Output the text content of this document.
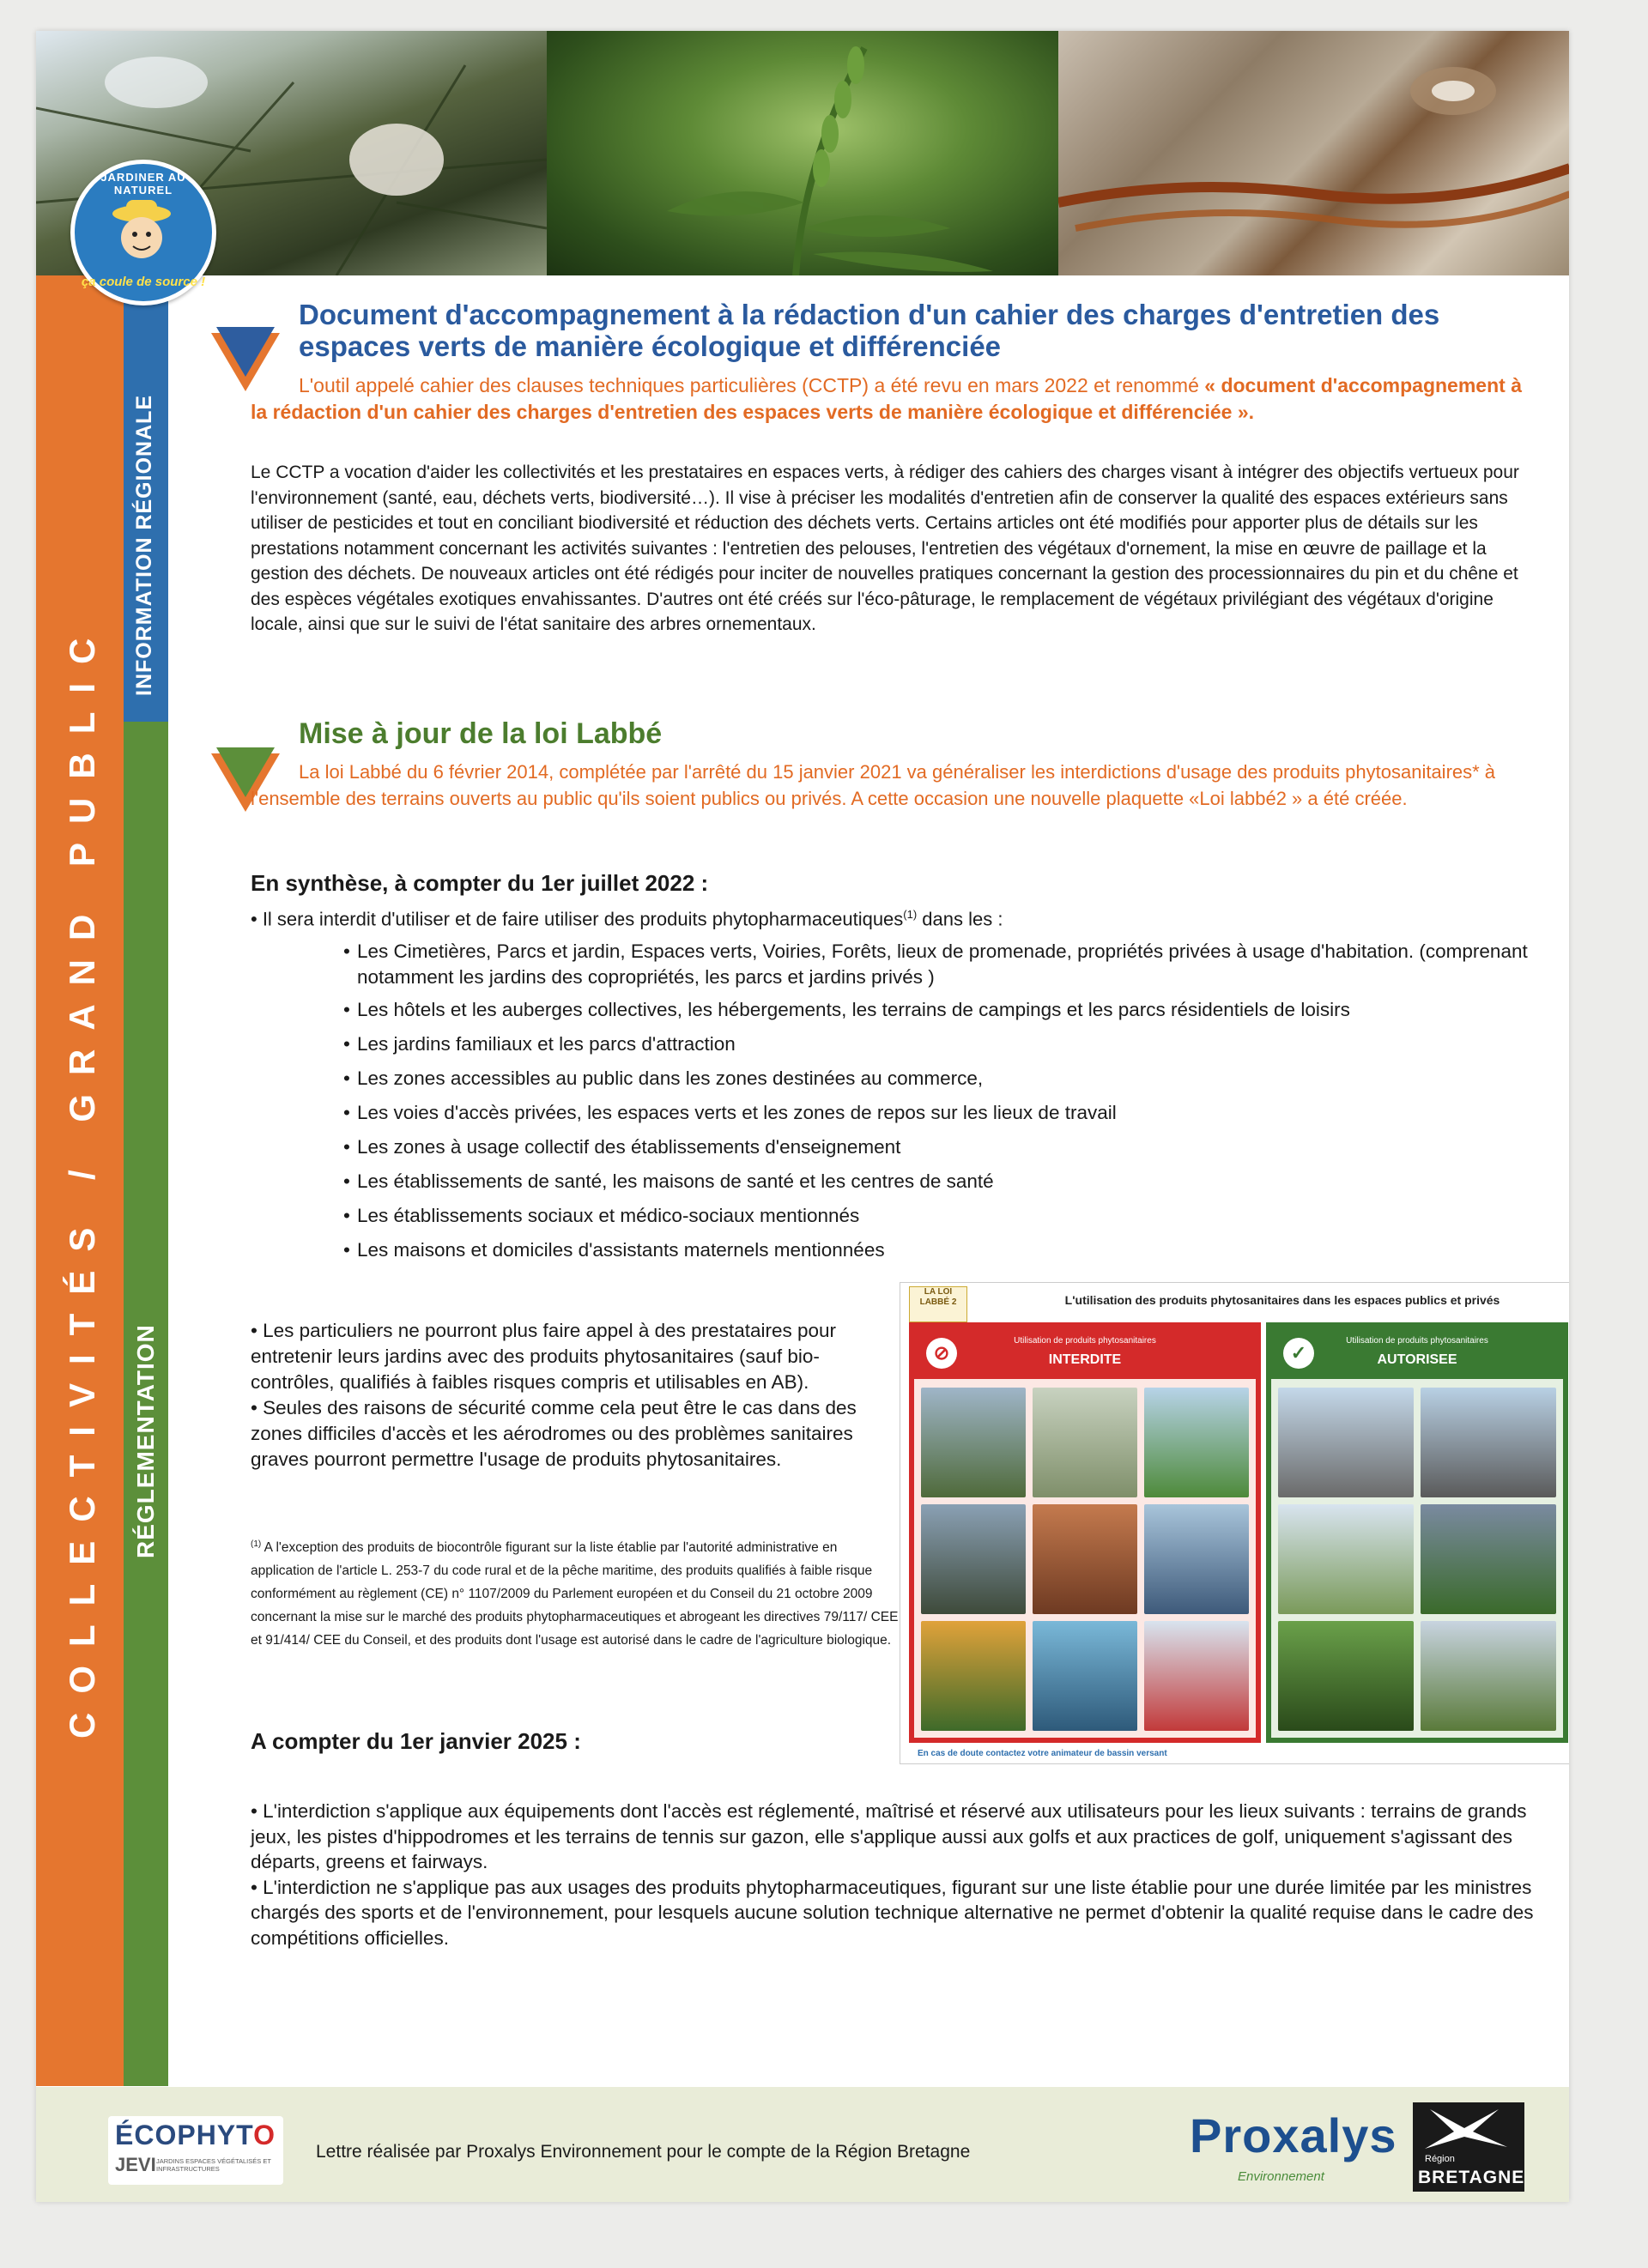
JARDINER AU NATUREL
ça coule de source !
COLLECTIVITÉS / GRAND PUBLIC
INFORMATION RÉGIONALE
RÉGLEMENTATION
Document d'accompagnement à la rédaction d'un cahier des charges d'entretien des espaces verts de manière écologique et différenciée
L'outil appelé cahier des clauses techniques particulières (CCTP) a été revu en mars 2022 et renommé « document d'accompagnement à la rédaction d'un cahier des charges d'entretien des espaces verts de manière écologique et différenciée ».
Le CCTP a vocation d'aider les collectivités et les prestataires en espaces verts, à rédiger des cahiers des charges visant à intégrer des objectifs vertueux pour l'environnement (santé, eau, déchets verts, biodiversité…). Il vise à préciser les modalités d'entretien afin de conserver la qualité des espaces extérieurs sans utiliser de pesticides et tout en conciliant biodiversité et réduction des déchets verts. Certains articles ont été modifiés pour apporter plus de détails sur les prestations notamment concernant les activités suivantes : l'entretien des pelouses, l'entretien des végétaux d'ornement, la mise en œuvre de paillage et la gestion des déchets. De nouveaux articles ont été rédigés pour inciter de nouvelles pratiques concernant la gestion des processionnaires du pin et du chêne et des espèces végétales exotiques envahissantes. D'autres ont été créés sur l'éco-pâturage, le remplacement de végétaux privilégiant des végétaux d'origine locale, ainsi que sur le suivi de l'état sanitaire des arbres ornementaux.
Mise à jour de la loi Labbé
La loi Labbé du 6 février 2014, complétée par l'arrêté du 15 janvier 2021 va généraliser les interdictions d'usage des produits phytosanitaires* à l'ensemble des terrains ouverts au public qu'ils soient publics ou privés. A cette occasion une nouvelle plaquette «Loi labbé2 » a été créée.
En synthèse, à compter du 1er juillet 2022 :
• Il sera interdit d'utiliser et de faire utiliser des produits phytopharmaceutiques$^{(1)}$ dans les :
• Les Cimetières, Parcs et jardin, Espaces verts, Voiries, Forêts, lieux de promenade, propriétés privées à usage d'habitation. (comprenant notamment les jardins des copropriétés, les parcs et jardins privés )
• Les hôtels et les auberges collectives, les hébergements, les terrains de campings et les parcs résidentiels de loisirs
• Les jardins familiaux et les parcs d'attraction
• Les zones accessibles au public dans les zones destinées au commerce,
• Les voies d'accès privées, les espaces verts et les zones de repos sur les lieux de travail
• Les zones à usage collectif des établissements d'enseignement
• Les établissements de santé, les maisons de santé et les centres de santé
• Les établissements sociaux et médico-sociaux mentionnés
• Les maisons et domiciles d'assistants maternels mentionnées
• Les particuliers ne pourront plus faire appel à des prestataires pour entretenir leurs jardins avec des produits phytosanitaires (sauf bio-contrôles, qualifiés à faibles risques compris et utilisables en AB).
• Seules des raisons de sécurité comme cela peut être le cas dans des zones difficiles d'accès et les aérodromes ou des problèmes sanitaires graves pourront permettre l'usage de produits phytosanitaires.
$^{(1)}$ A l'exception des produits de biocontrôle figurant sur la liste établie par l'autorité administrative en application de l'article L. 253-7 du code rural et de la pêche maritime, des produits qualifiés à faible risque conformément au règlement (CE) n° 1107/2009 du Parlement européen et du Conseil du 21 octobre 2009 concernant la mise sur le marché des produits phytopharmaceutiques et abrogeant les directives 79/117/ CEE et 91/414/ CEE du Conseil, et des produits dont l'usage est autorisé dans le cadre de l'agriculture biologique.
LA LOI LABBÉ 2	L'utilisation des produits phytosanitaires dans les espaces publics et privés
⊘
Utilisation de produits phytosanitaires
INTERDITE	✓
Utilisation de produits phytosanitaires
AUTORISEE
En cas de doute contactez votre animateur de bassin versant
A compter du 1er janvier 2025 :
• L'interdiction s'applique aux équipements dont l'accès est réglementé, maîtrisé et réservé aux utilisateurs pour les lieux suivants : terrains de grands jeux, les pistes d'hippodromes et les terrains de tennis sur gazon, elle s'applique aussi aux golfs et aux practices de golf, uniquement s'agissant des départs, greens et fairways.
• L'interdiction ne s'applique pas aux usages des produits phytopharmaceutiques, figurant sur une liste établie pour une durée limitée par les ministres chargés des sports et de l'environnement, pour lesquels aucune solution technique alternative ne permet d'obtenir la qualité requise dans le cadre des compétitions officielles.
ÉCOPHYTO
JEVI JARDINS ESPACES VÉGÉTALISÉS ET INFRASTRUCTURES
Lettre réalisée par Proxalys Environnement pour le compte de la Région Bretagne	Proxalys
Environnement
Région
BRETAGNE
